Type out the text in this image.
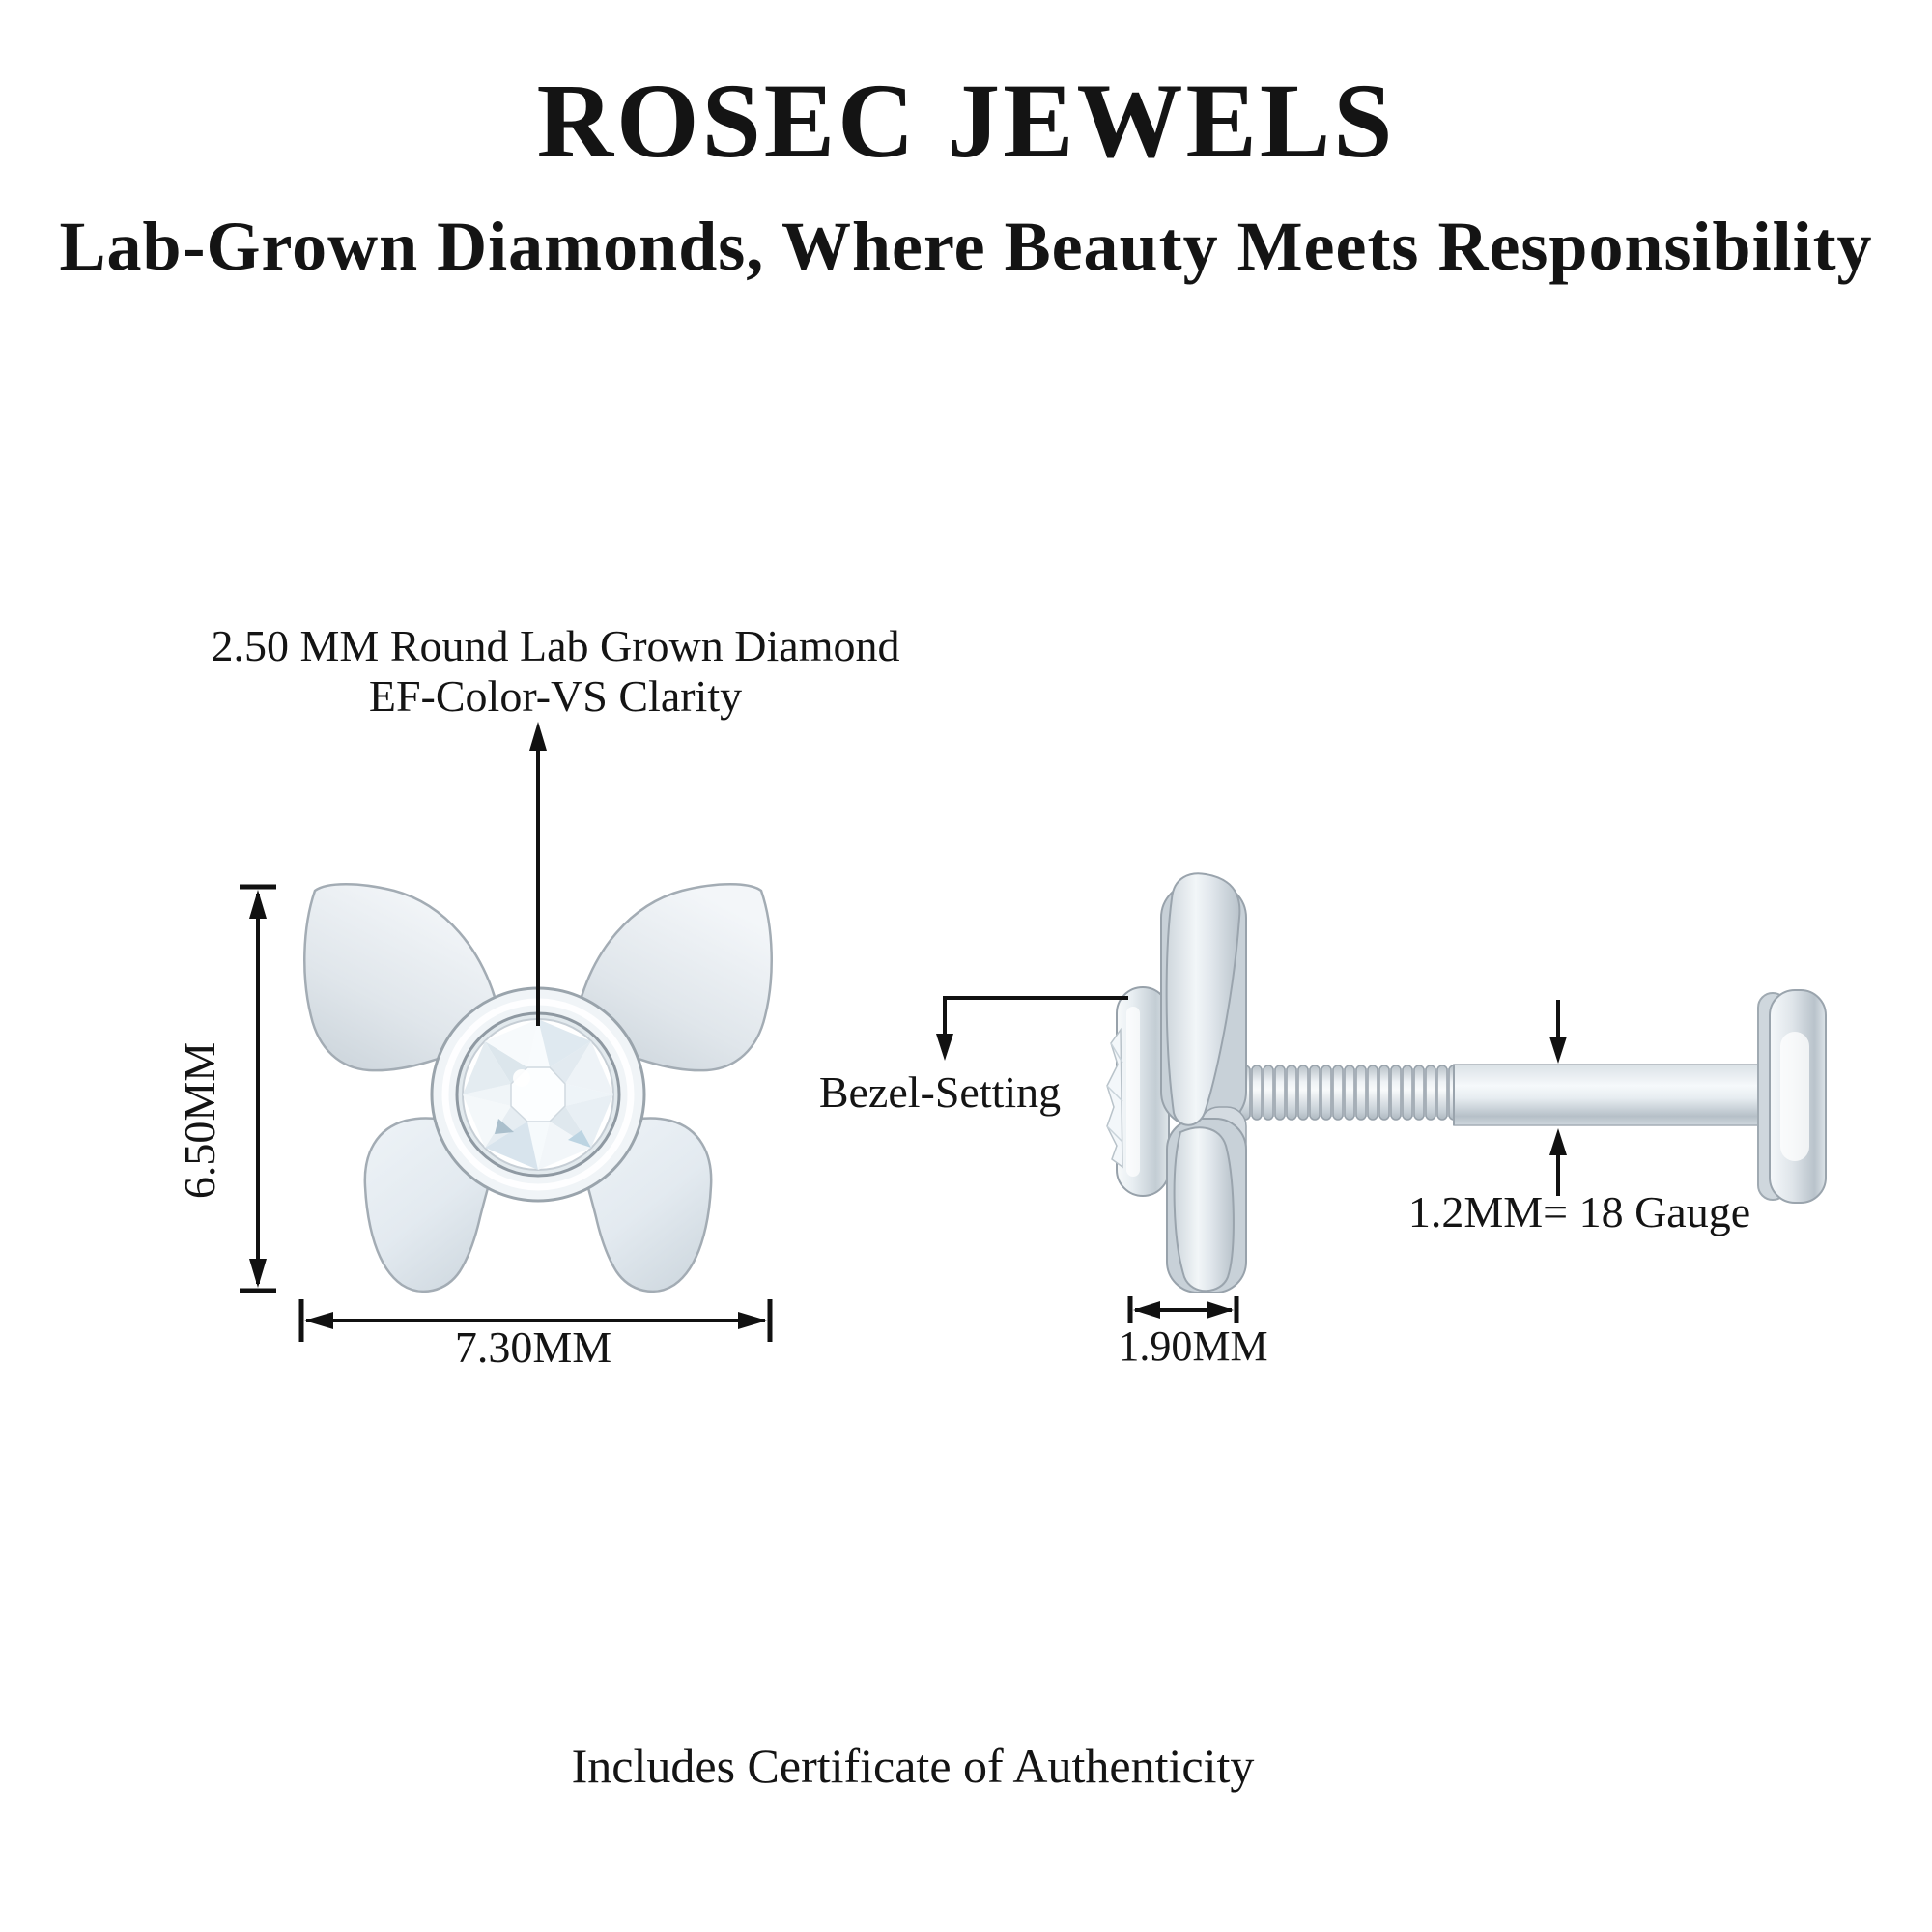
ROSEC JEWELS
Lab-Grown Diamonds, Where Beauty Meets Responsibility
2.50 MM Round Lab Grown Diamond
EF-Color-VS Clarity
6.50MM
7.30MM
Bezel-Setting
1.2MM= 18 Gauge
1.90MM
Includes Certificate of Authenticity
